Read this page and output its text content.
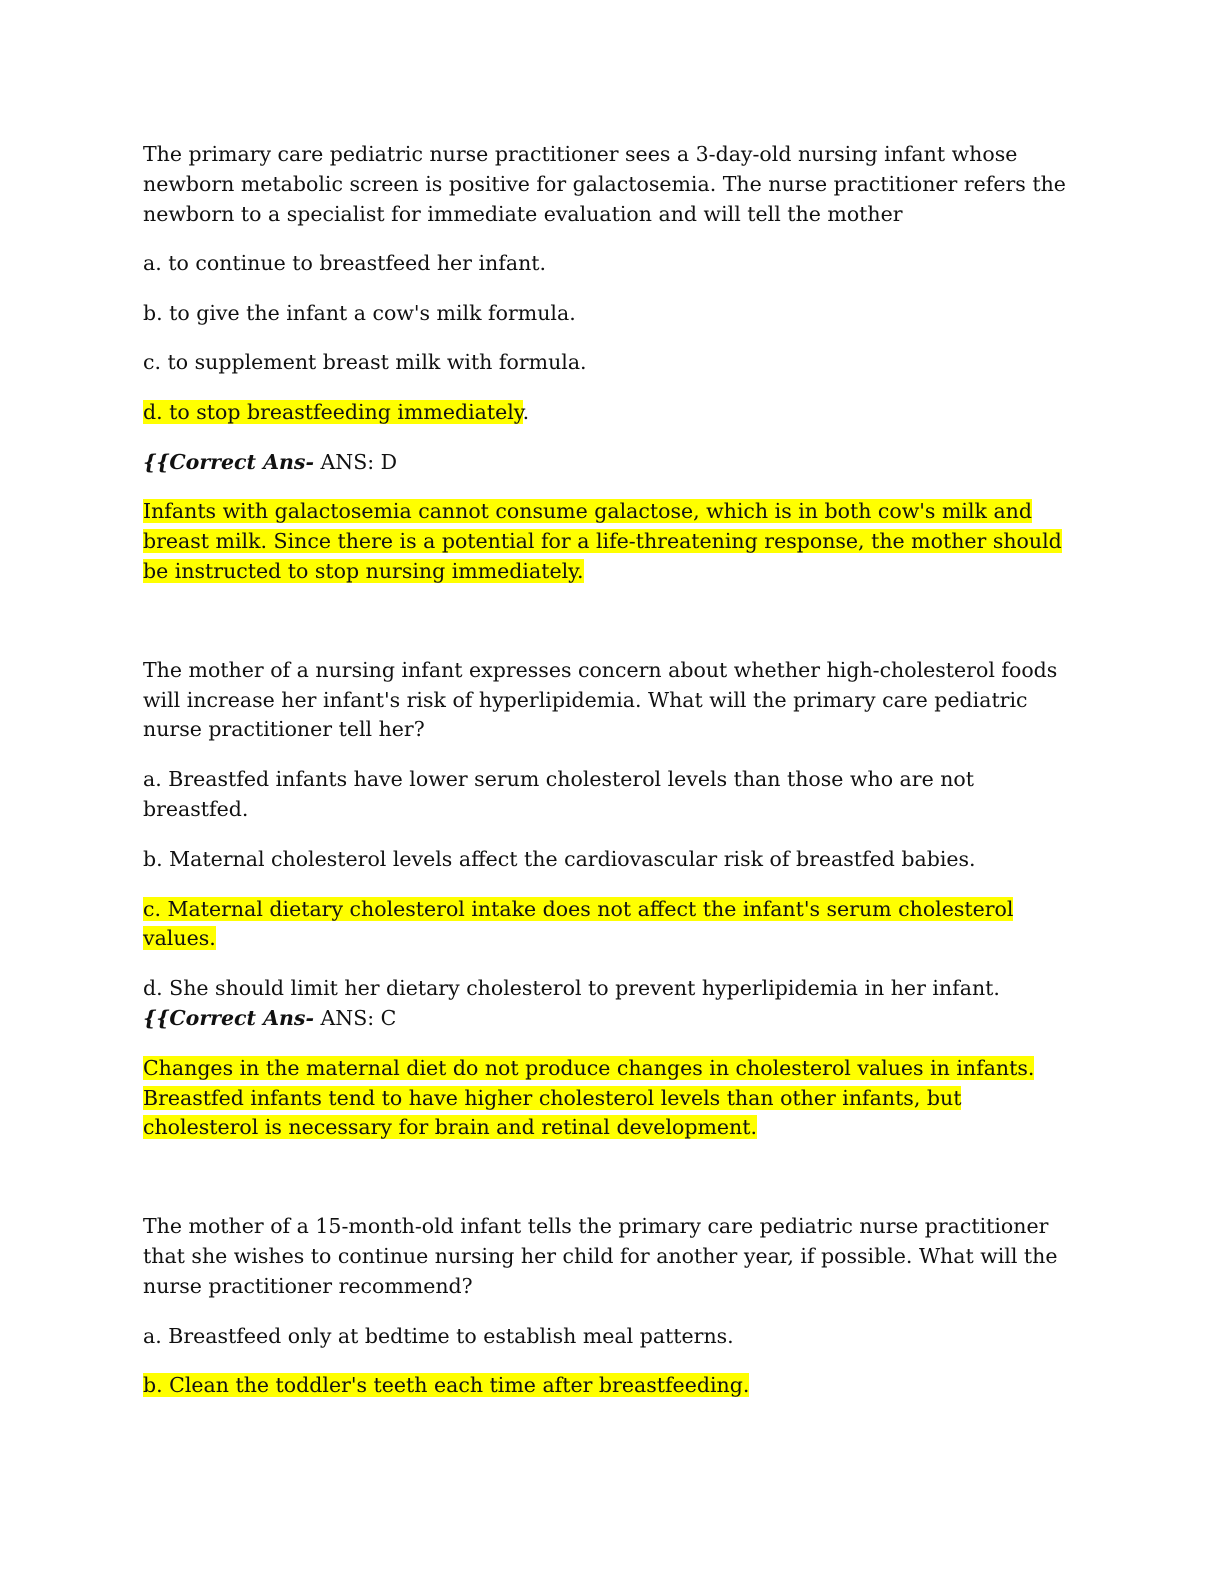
The primary care pediatric nurse practitioner sees a 3-day-old nursing infant whose newborn metabolic screen is positive for galactosemia. The nurse practitioner refers the newborn to a specialist for immediate evaluation and will tell the mother

a. to continue to breastfeed her infant.

b. to give the infant a cow's milk formula.

c. to supplement breast milk with formula.

d. to stop breastfeeding immediately.

{{Correct Ans- ANS: D

Infants with galactosemia cannot consume galactose, which is in both cow's milk and breast milk. Since there is a potential for a life-threatening response, the mother should be instructed to stop nursing immediately.

The mother of a nursing infant expresses concern about whether high-cholesterol foods will increase her infant's risk of hyperlipidemia. What will the primary care pediatric nurse practitioner tell her?

a. Breastfed infants have lower serum cholesterol levels than those who are not breastfed.

b. Maternal cholesterol levels affect the cardiovascular risk of breastfed babies.

c. Maternal dietary cholesterol intake does not affect the infant's serum cholesterol values.

d. She should limit her dietary cholesterol to prevent hyperlipidemia in her infant.

{{Correct Ans- ANS: C

Changes in the maternal diet do not produce changes in cholesterol values in infants. Breastfed infants tend to have higher cholesterol levels than other infants, but cholesterol is necessary for brain and retinal development.

The mother of a 15-month-old infant tells the primary care pediatric nurse practitioner that she wishes to continue nursing her child for another year, if possible. What will the nurse practitioner recommend?

a. Breastfeed only at bedtime to establish meal patterns.

b. Clean the toddler's teeth each time after breastfeeding.
